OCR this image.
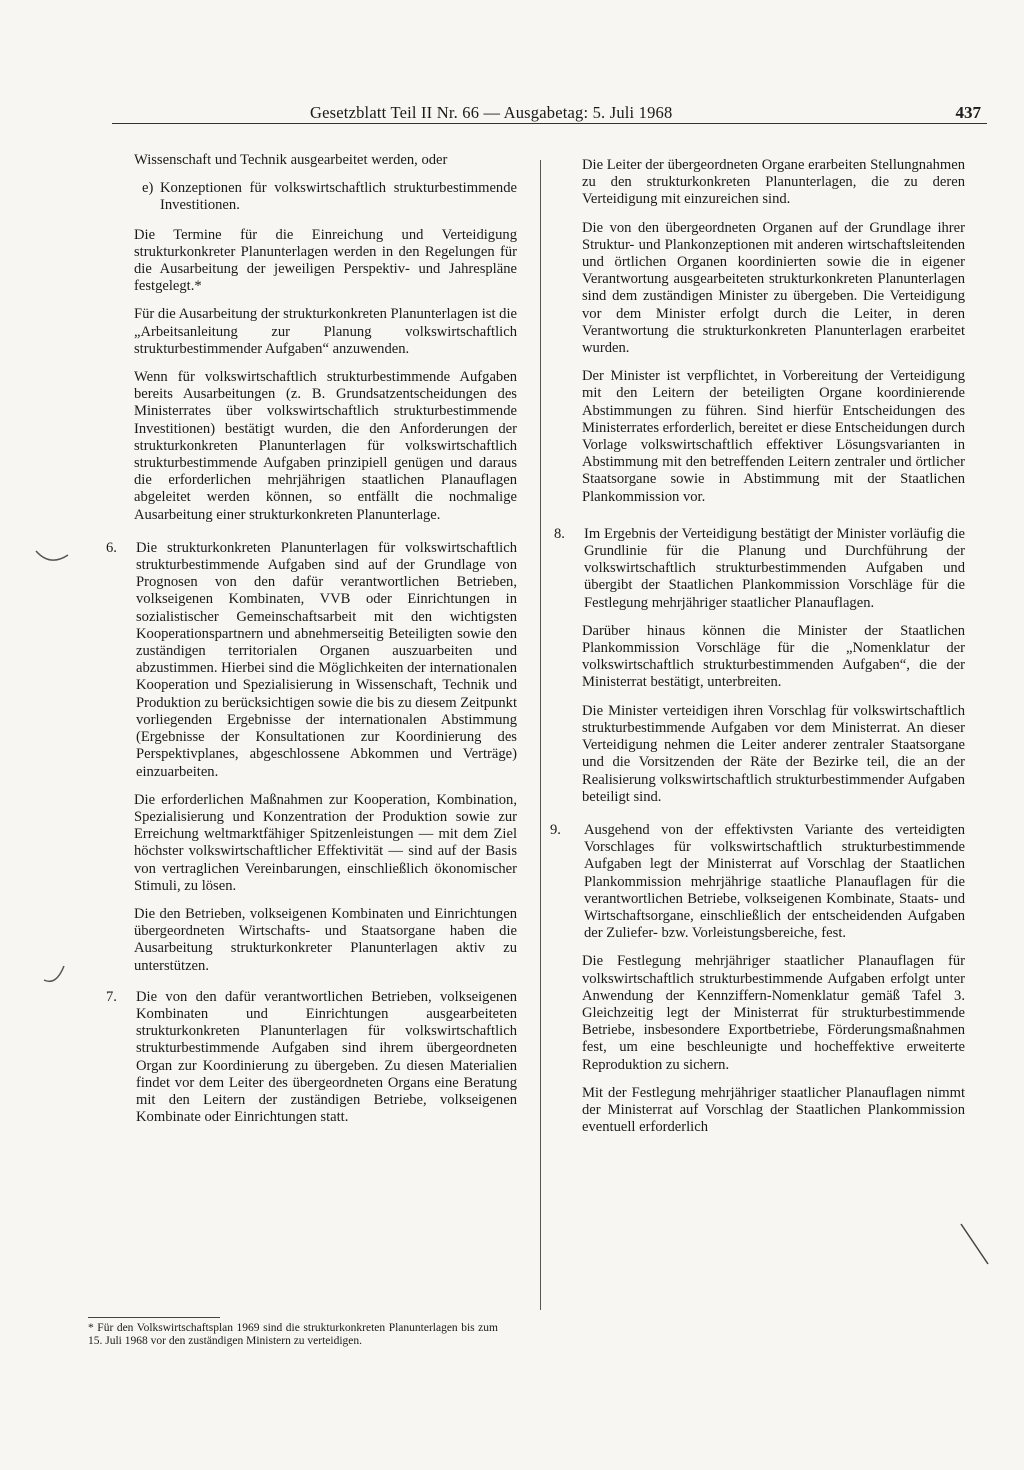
Gesetzblatt Teil II Nr. 66 — Ausgabetag: 5. Juli 1968	437

Wissenschaft und Technik ausgearbeitet werden, oder

e) Konzeptionen für volkswirtschaftlich strukturbestimmende Investitionen.

Die Termine für die Einreichung und Verteidigung strukturkonkreter Planunterlagen werden in den Regelungen für die Ausarbeitung der jeweiligen Perspektiv- und Jahrespläne festgelegt.*

Für die Ausarbeitung der strukturkonkreten Planunterlagen ist die „Arbeitsanleitung zur Planung volkswirtschaftlich strukturbestimmender Aufgaben“ anzuwenden.

Wenn für volkswirtschaftlich strukturbestimmende Aufgaben bereits Ausarbeitungen (z. B. Grundsatzentscheidungen des Ministerrates über volkswirtschaftlich strukturbestimmende Investitionen) bestätigt wurden, die den Anforderungen der strukturkonkreten Planunterlagen für volkswirtschaftlich strukturbestimmende Aufgaben prinzipiell genügen und daraus die erforderlichen mehrjährigen staatlichen Planauflagen abgeleitet werden können, so entfällt die nochmalige Ausarbeitung einer strukturkonkreten Planunterlage.

6. Die strukturkonkreten Planunterlagen für volkswirtschaftlich strukturbestimmende Aufgaben sind auf der Grundlage von Prognosen von den dafür verantwortlichen Betrieben, volkseigenen Kombinaten, VVB oder Einrichtungen in sozialistischer Gemeinschaftsarbeit mit den wichtigsten Kooperationspartnern und abnehmerseitig Beteiligten sowie den zuständigen territorialen Organen auszuarbeiten und abzustimmen. Hierbei sind die Möglichkeiten der internationalen Kooperation und Spezialisierung in Wissenschaft, Technik und Produktion zu berücksichtigen sowie die bis zu diesem Zeitpunkt vorliegenden Ergebnisse der internationalen Abstimmung (Ergebnisse der Konsultationen zur Koordinierung des Perspektivplanes, abgeschlossene Abkommen und Verträge) einzuarbeiten.

Die erforderlichen Maßnahmen zur Kooperation, Kombination, Spezialisierung und Konzentration der Produktion sowie zur Erreichung weltmarktfähiger Spitzenleistungen — mit dem Ziel höchster volkswirtschaftlicher Effektivität — sind auf der Basis von vertraglichen Vereinbarungen, einschließlich ökonomischer Stimuli, zu lösen.

Die den Betrieben, volkseigenen Kombinaten und Einrichtungen übergeordneten Wirtschafts- und Staatsorgane haben die Ausarbeitung strukturkonkreter Planunterlagen aktiv zu unterstützen.

7. Die von den dafür verantwortlichen Betrieben, volkseigenen Kombinaten und Einrichtungen ausgearbeiteten strukturkonkreten Planunterlagen für volkswirtschaftlich strukturbestimmende Aufgaben sind ihrem übergeordneten Organ zur Koordinierung zu übergeben. Zu diesen Materialien findet vor dem Leiter des übergeordneten Organs eine Beratung mit den Leitern der zuständigen Betriebe, volkseigenen Kombinate oder Einrichtungen statt.
* Für den Volkswirtschaftsplan 1969 sind die strukturkonkreten Planunterlagen bis zum 15. Juli 1968 vor den zuständigen Ministern zu verteidigen.

Die Leiter der übergeordneten Organe erarbeiten Stellungnahmen zu den strukturkonkreten Planunterlagen, die zu deren Verteidigung mit einzureichen sind.

Die von den übergeordneten Organen auf der Grundlage ihrer Struktur- und Plankonzeptionen mit anderen wirtschaftsleitenden und örtlichen Organen koordinierten sowie die in eigener Verantwortung ausgearbeiteten strukturkonkreten Planunterlagen sind dem zuständigen Minister zu übergeben. Die Verteidigung vor dem Minister erfolgt durch die Leiter, in deren Verantwortung die strukturkonkreten Planunterlagen erarbeitet wurden.

Der Minister ist verpflichtet, in Vorbereitung der Verteidigung mit den Leitern der beteiligten Organe koordinierende Abstimmungen zu führen. Sind hierfür Entscheidungen des Ministerrates erforderlich, bereitet er diese Entscheidungen durch Vorlage volkswirtschaftlich effektiver Lösungsvarianten in Abstimmung mit den betreffenden Leitern zentraler und örtlicher Staatsorgane sowie in Abstimmung mit der Staatlichen Plankommission vor.

8. Im Ergebnis der Verteidigung bestätigt der Minister vorläufig die Grundlinie für die Planung und Durchführung der volkswirtschaftlich strukturbestimmenden Aufgaben und übergibt der Staatlichen Plankommission Vorschläge für die Festlegung mehrjähriger staatlicher Planauflagen.

Darüber hinaus können die Minister der Staatlichen Plankommission Vorschläge für die „Nomenklatur der volkswirtschaftlich strukturbestimmenden Aufgaben“, die der Ministerrat bestätigt, unterbreiten.

Die Minister verteidigen ihren Vorschlag für volkswirtschaftlich strukturbestimmende Aufgaben vor dem Ministerrat. An dieser Verteidigung nehmen die Leiter anderer zentraler Staatsorgane und die Vorsitzenden der Räte der Bezirke teil, die an der Realisierung volkswirtschaftlich strukturbestimmender Aufgaben beteiligt sind.

9. Ausgehend von der effektivsten Variante des verteidigten Vorschlages für volkswirtschaftlich strukturbestimmende Aufgaben legt der Ministerrat auf Vorschlag der Staatlichen Plankommission mehrjährige staatliche Planauflagen für die verantwortlichen Betriebe, volkseigenen Kombinate, Staats- und Wirtschaftsorgane, einschließlich der entscheidenden Aufgaben der Zuliefer- bzw. Vorleistungsbereiche, fest.

Die Festlegung mehrjähriger staatlicher Planauflagen für volkswirtschaftlich strukturbestimmende Aufgaben erfolgt unter Anwendung der Kennziffern-Nomenklatur gemäß Tafel 3. Gleichzeitig legt der Ministerrat für strukturbestimmende Betriebe, insbesondere Exportbetriebe, Förderungsmaßnahmen fest, um eine beschleunigte und hocheffektive erweiterte Reproduktion zu sichern.

Mit der Festlegung mehrjähriger staatlicher Planauflagen nimmt der Ministerrat auf Vorschlag der Staatlichen Plankommission eventuell erforderlich
